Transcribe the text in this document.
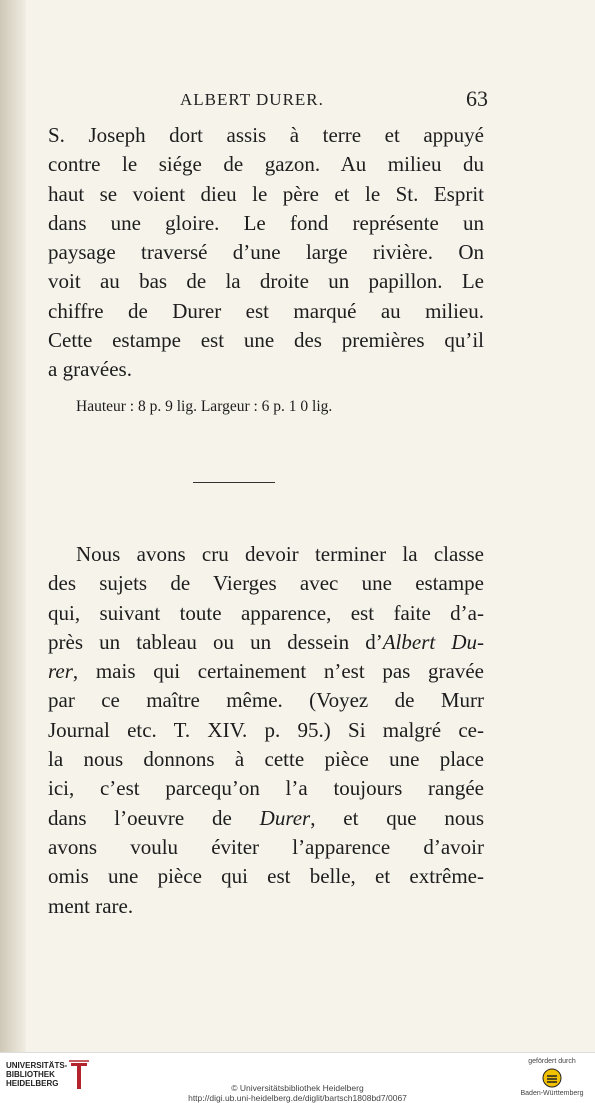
ALBERT DURER.	63
S. Joseph dort assis à terre et appuyé
contre le siége de gazon. Au milieu du
haut se voient dieu le père et le St. Esprit
dans une gloire. Le fond représente un
paysage traversé d’une large rivière. On
voit au bas de la droite un papillon. Le
chiffre de Durer est marqué au milieu.
Cette estampe est une des premières qu’il
a gravées.
Hauteur : 8 p. 9 lig. Largeur : 6 p. 1 0 lig.
Nous avons cru devoir terminer la classe
des sujets de Vierges avec une estampe
qui, suivant toute apparence, est faite d’a-
près un tableau ou un dessein d’Albert Du-
rer, mais qui certainement n’est pas gravée
par ce maître même. (Voyez de Murr
Journal etc. T. XIV. p. 95.) Si malgré ce-
la nous donnons à cette pièce une place
ici, c’est parcequ’on l’a toujours rangée
dans l’oeuvre de Durer, et que nous
avons voulu éviter l’apparence d’avoir
omis une pièce qui est belle, et extrême-
ment rare.
UNIVERSITÄTS-
BIBLIOTHEK
HEIDELBERG	© Universitätsbibliothek Heidelberg
http://digi.ub.uni-heidelberg.de/diglit/bartsch1808bd7/0067
gefördert durch
Baden-Württemberg
